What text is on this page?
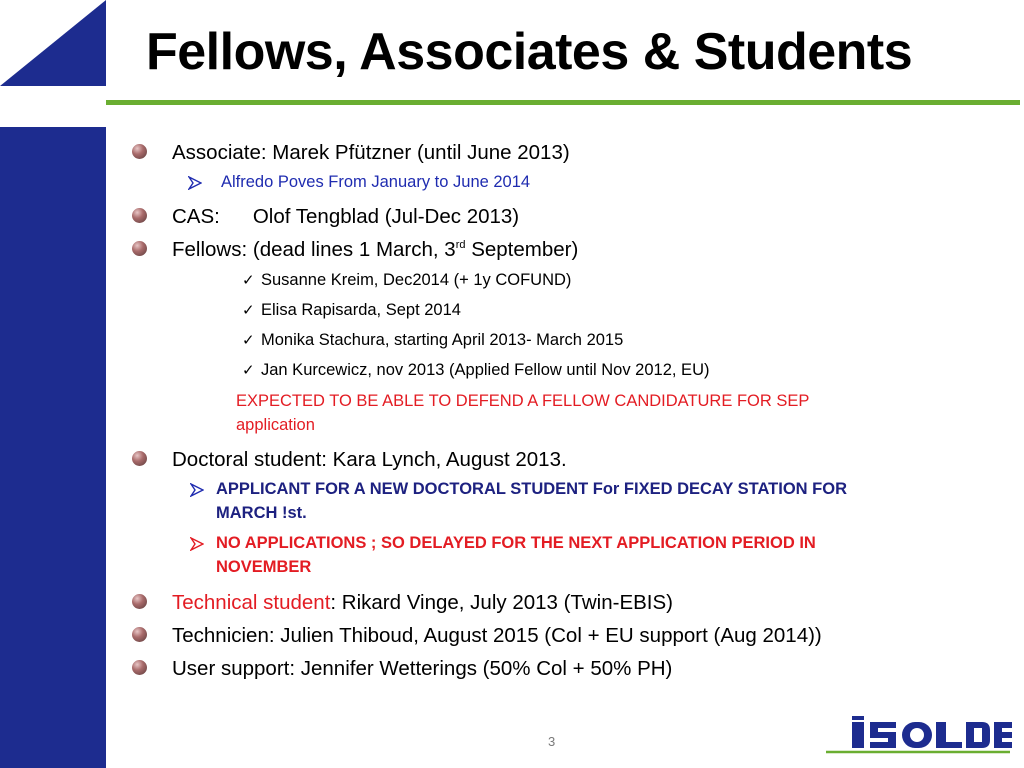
Fellows, Associates & Students
Associate: Marek Pfützner (until June 2013)
Alfredo Poves From January to June 2014
CAS: Olof Tengblad (Jul-Dec 2013)
Fellows: (dead lines 1 March, 3rd September)
✓ Susanne Kreim, Dec2014 (+ 1y COFUND)
✓ Elisa Rapisarda, Sept 2014
✓ Monika Stachura, starting April 2013- March 2015
✓ Jan Kurcewicz, nov 2013 (Applied Fellow until Nov 2012, EU)
EXPECTED TO BE ABLE TO DEFEND A FELLOW CANDIDATURE FOR SEP
application
Doctoral student: Kara Lynch, August 2013.
APPLICANT FOR A NEW DOCTORAL STUDENT For FIXED DECAY STATION FOR
MARCH !st.
NO APPLICATIONS ; SO DELAYED FOR THE NEXT APPLICATION PERIOD IN
NOVEMBER
Technical student: Rikard Vinge, July 2013 (Twin-EBIS)
Technicien: Julien Thiboud, August 2015 (Col + EU support (Aug 2014))
User support: Jennifer Wetterings (50% Col + 50% PH)
3
